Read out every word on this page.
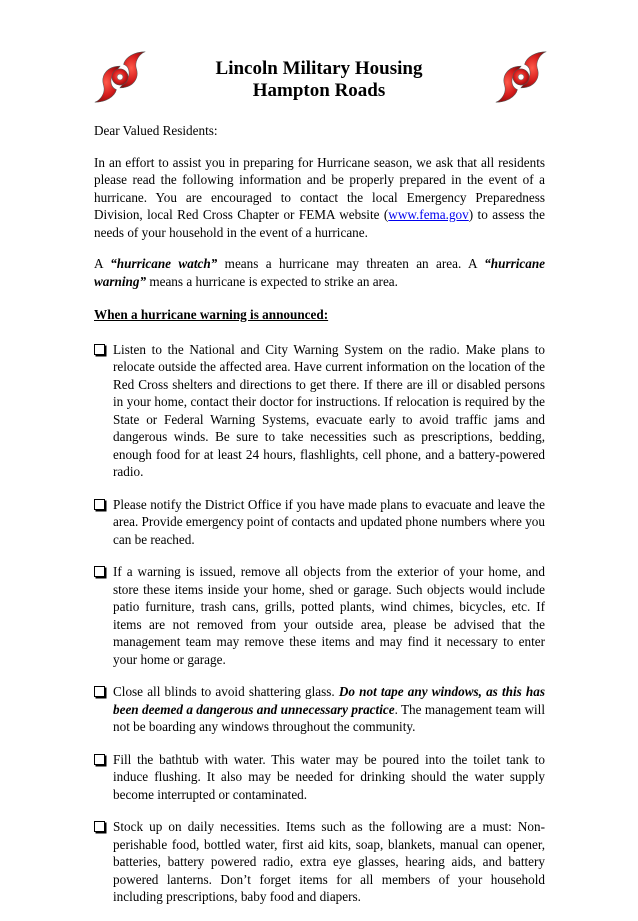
Lincoln Military Housing
Hampton Roads

Dear Valued Residents:

In an effort to assist you in preparing for Hurricane season, we ask that all residents please read the following information and be properly prepared in the event of a hurricane. You are encouraged to contact the local Emergency Preparedness Division, local Red Cross Chapter or FEMA website (www.fema.gov) to assess the needs of your household in the event of a hurricane.

A “hurricane watch” means a hurricane may threaten an area. A “hurricane warning” means a hurricane is expected to strike an area.

When a hurricane warning is announced:
Listen to the National and City Warning System on the radio. Make plans to relocate outside the affected area. Have current information on the location of the Red Cross shelters and directions to get there. If there are ill or disabled persons in your home, contact their doctor for instructions. If relocation is required by the State or Federal Warning Systems, evacuate early to avoid traffic jams and dangerous winds. Be sure to take necessities such as prescriptions, bedding, enough food for at least 24 hours, flashlights, cell phone, and a battery-powered radio.
Please notify the District Office if you have made plans to evacuate and leave the area. Provide emergency point of contacts and updated phone numbers where you can be reached.
If a warning is issued, remove all objects from the exterior of your home, and store these items inside your home, shed or garage. Such objects would include patio furniture, trash cans, grills, potted plants, wind chimes, bicycles, etc. If items are not removed from your outside area, please be advised that the management team may remove these items and may find it necessary to enter your home or garage.
Close all blinds to avoid shattering glass. Do not tape any windows, as this has been deemed a dangerous and unnecessary practice. The management team will not be boarding any windows throughout the community.
Fill the bathtub with water. This water may be poured into the toilet tank to induce flushing. It also may be needed for drinking should the water supply become interrupted or contaminated.
Stock up on daily necessities. Items such as the following are a must: Non-perishable food, bottled water, first aid kits, soap, blankets, manual can opener, batteries, battery powered radio, extra eye glasses, hearing aids, and battery powered lanterns. Don’t forget items for all members of your household including prescriptions, baby food and diapers.
